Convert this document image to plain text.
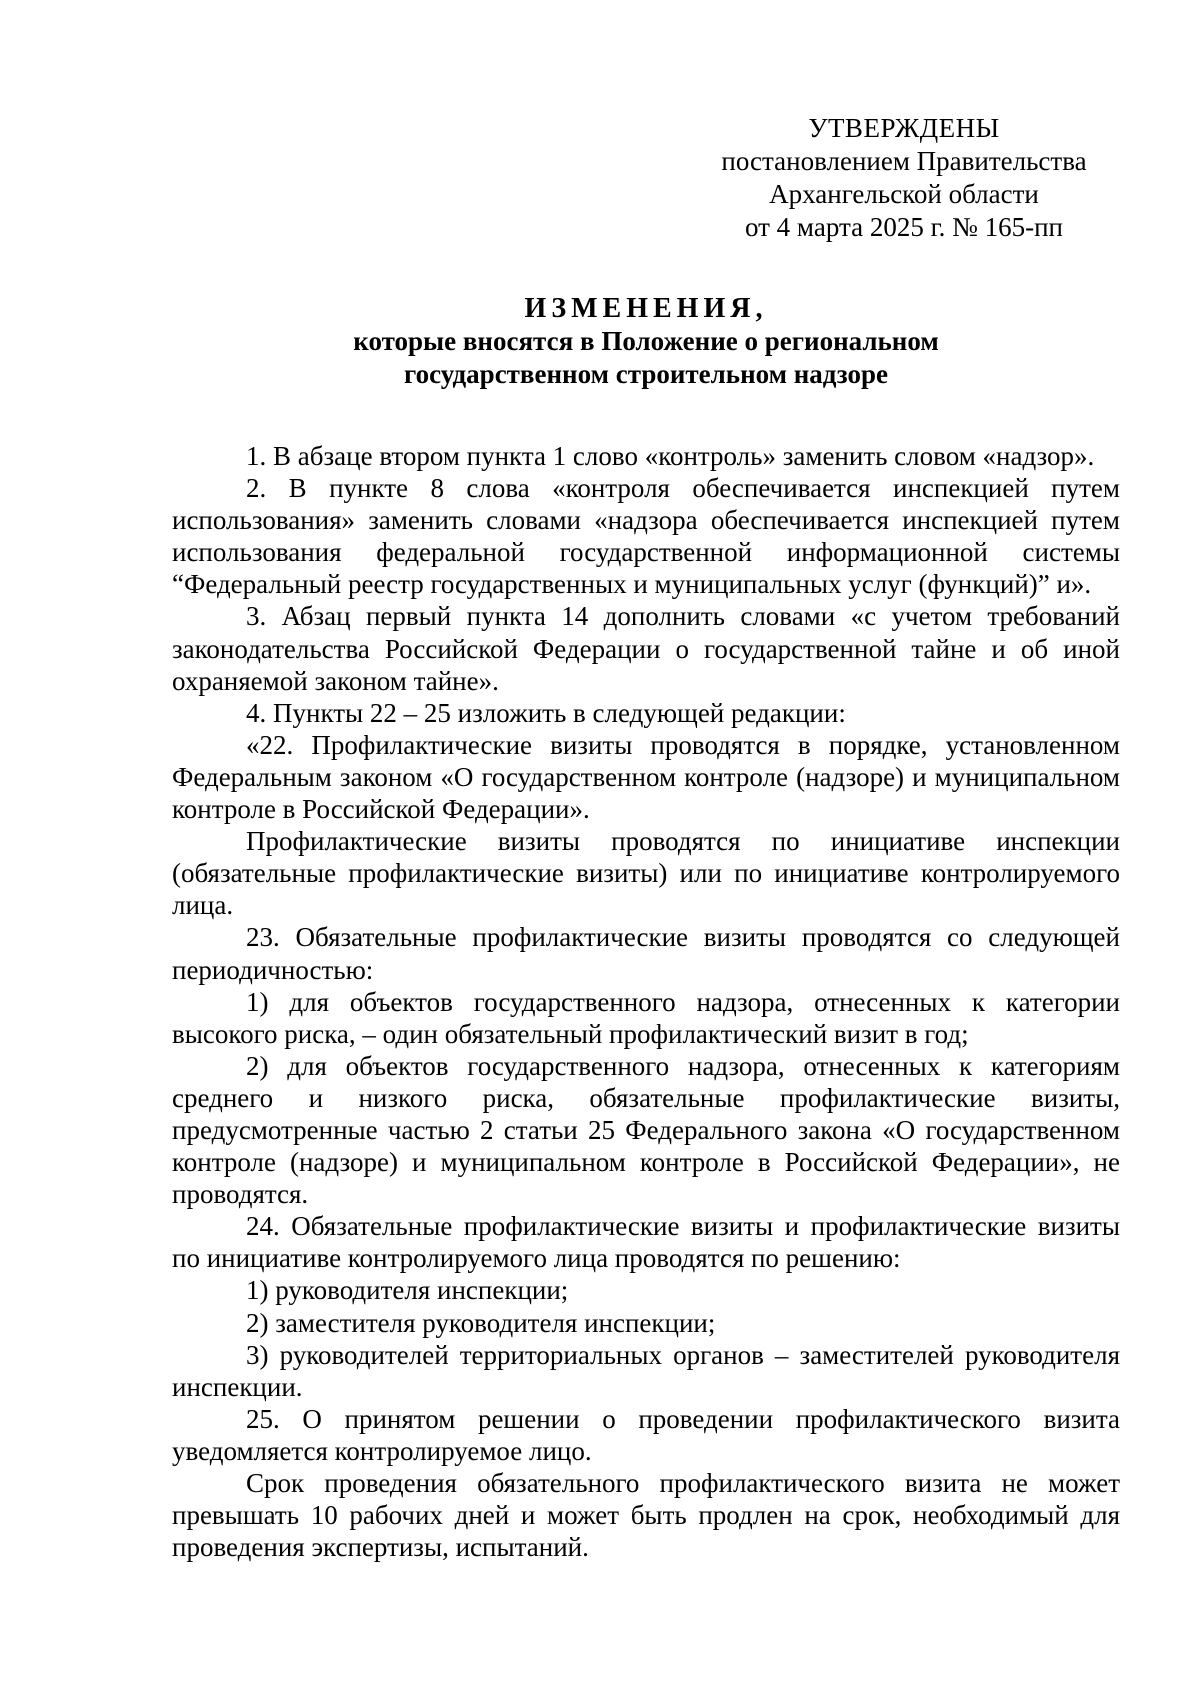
УТВЕРЖДЕНЫ
постановлением Правительства
Архангельской области
от 4 марта 2025 г. № 165-пп
ИЗМЕНЕНИЯ,
которые вносятся в Положение о региональном
государственном строительном надзоре

1. В абзаце втором пункта 1 слово «контроль» заменить словом «надзор».

2. В пункте 8 слова «контроля обеспечивается инспекцией путем использования» заменить словами «надзора обеспечивается инспекцией путем использования федеральной государственной информационной системы “Федеральный реестр государственных и муниципальных услуг (функций)” и».

3. Абзац первый пункта 14 дополнить словами «с учетом требований законодательства Российской Федерации о государственной тайне и об иной охраняемой законом тайне».

4. Пункты 22 – 25 изложить в следующей редакции:

«22. Профилактические визиты проводятся в порядке, установленном Федеральным законом «О государственном контроле (надзоре) и муниципальном контроле в Российской Федерации».

Профилактические визиты проводятся по инициативе инспекции (обязательные профилактические визиты) или по инициативе контролируемого лица.

23. Обязательные профилактические визиты проводятся со следующей периодичностью:

1) для объектов государственного надзора, отнесенных к категории высокого риска, – один обязательный профилактический визит в год;

2) для объектов государственного надзора, отнесенных к категориям среднего и низкого риска, обязательные профилактические визиты, предусмотренные частью 2 статьи 25 Федерального закона «О государственном контроле (надзоре) и муниципальном контроле в Российской Федерации», не проводятся.

24. Обязательные профилактические визиты и профилактические визиты по инициативе контролируемого лица проводятся по решению:

1) руководителя инспекции;

2) заместителя руководителя инспекции;

3) руководителей территориальных органов – заместителей руководителя инспекции.

25. О принятом решении о проведении профилактического визита уведомляется контролируемое лицо.

Срок проведения обязательного профилактического визита не может превышать 10 рабочих дней и может быть продлен на срок, необходимый для проведения экспертизы, испытаний.
